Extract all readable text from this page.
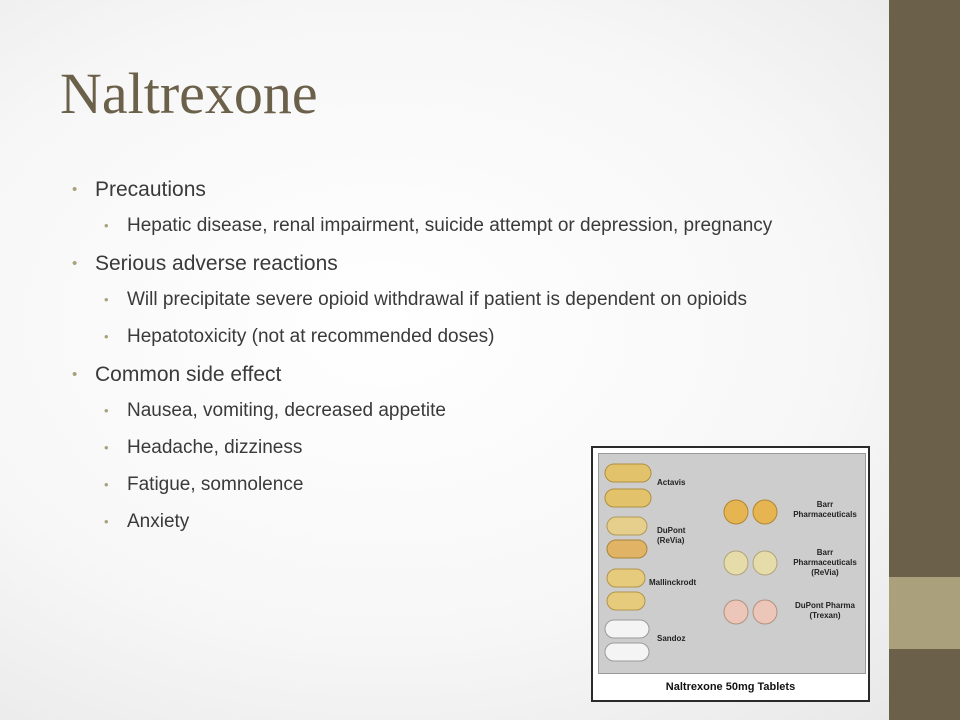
Naltrexone
• Precautions
• Hepatic disease, renal impairment, suicide attempt or depression, pregnancy
• Serious adverse reactions
• Will precipitate severe opioid withdrawal if patient is dependent on opioids
• Hepatotoxicity (not at recommended doses)
• Common side effect
• Nausea, vomiting, decreased appetite
• Headache, dizziness
• Fatigue, somnolence
• Anxiety
Actavis
DuPont (ReVia)
Mallinckrodt
Sandoz
Barr Pharmaceuticals
Barr Pharmaceuticals (ReVia)
DuPont Pharma (Trexan)
Naltrexone 50mg Tablets
